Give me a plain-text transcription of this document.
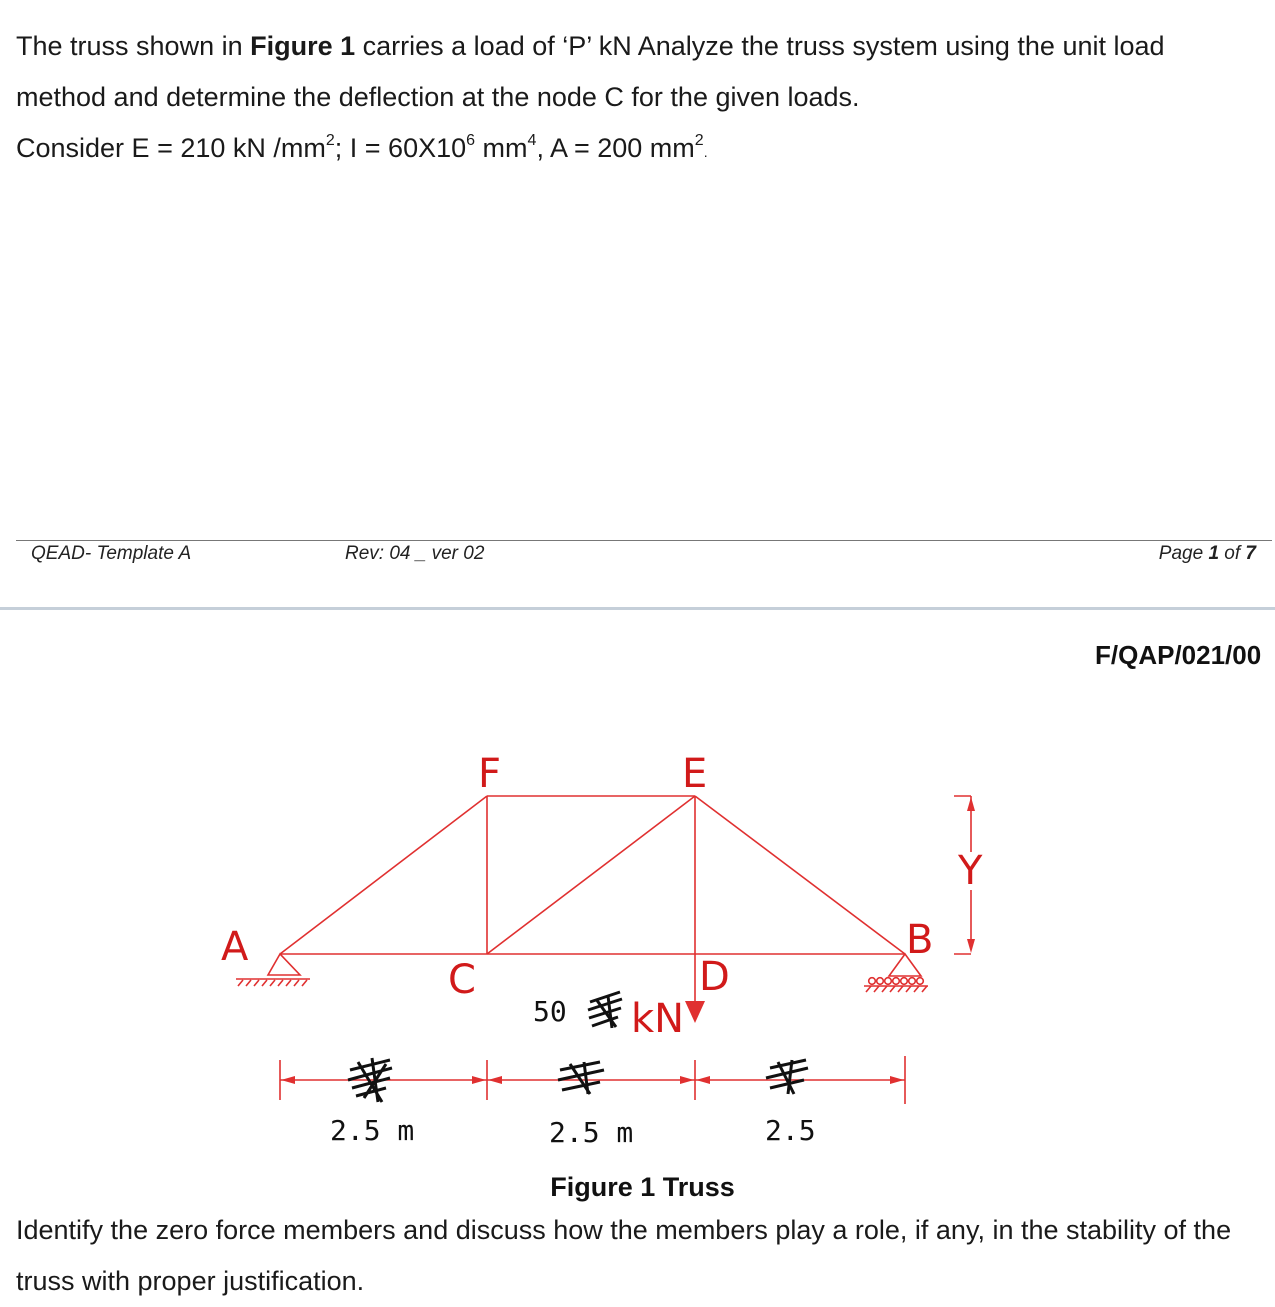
The truss shown in Figure 1 carries a load of ‘P’ kN Analyze the truss system using the unit load method and determine the deflection at the node C for the given loads.
Consider E = 210 kN $/mm^2$; $I = 60X10^6$ $mm^4$, A = 200 $mm^2$.

QEAD- Template A	Rev: 04 _ ver 02	Page 1 of 7
F/QAP/021/00
A	B
C	D
E
F
Y
50 kN
2.5 m	2.5 m	2.5
Figure 1 Truss

Identify the zero force members and discuss how the members play a role, if any, in the stability of the truss with proper justification.
